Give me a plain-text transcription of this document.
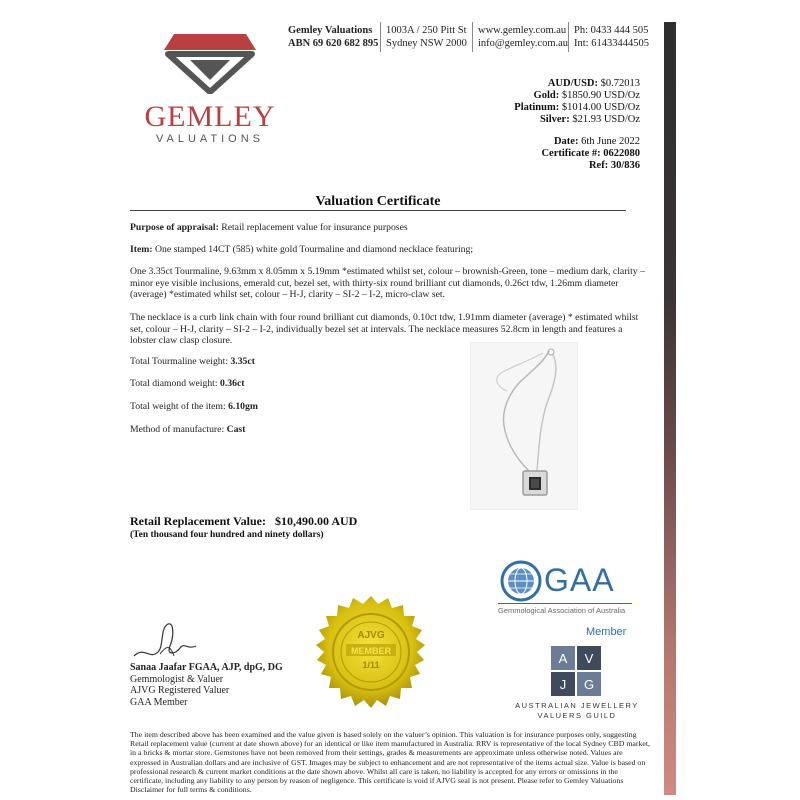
GEMLEY
VALUATIONS
Gemley Valuations
ABN 69 620 682 895
1003A / 250 Pitt St
Sydney NSW 2000
www.gemley.com.au
info@gemley.com.au
Ph: 0433 444 505
Int: 61433444505
AUD/USD: $0.72013
Gold: $1850.90 USD/Oz
Platinum: $1014.00 USD/Oz
Silver: $21.93 USD/Oz
Date: 6th June 2022
Certificate #: 0622080
Ref: 30/836
Valuation Certificate
Purpose of appraisal: Retail replacement value for insurance purposes
Item: One stamped 14CT (585) white gold Tourmaline and diamond necklace featuring;
One 3.35ct Tourmaline, 9.63mm x 8.05mm x 5.19mm *estimated whilst set, colour – brownish-Green, tone – medium dark, clarity – minor eye visible inclusions, emerald cut, bezel set, with thirty-six round brilliant cut diamonds, 0.26ct tdw, 1.26mm diameter (average) *estimated whilst set, colour – H-J, clarity – SI-2 – I-2, micro-claw set.
The necklace is a curb link chain with four round brilliant cut diamonds, 0.10ct tdw, 1.91mm diameter (average) * estimated whilst set, colour – H-J, clarity – SI-2 – I-2, individually bezel set at intervals. The necklace measures 52.8cm in length and features a lobster claw clasp closure.
Total Tourmaline weight: 3.35ct
Total diamond weight: 0.36ct
Total weight of the item: 6.10gm
Method of manufacture: Cast
Retail Replacement Value: $10,490.00 AUD
(Ten thousand four hundred and ninety dollars)
GAA
Gemmological Association of Australia
Member
A	V
J	G
AUSTRALIAN JEWELLERY
VALUERS GUILD
AJVG
MEMBER
1/11
Sanaa Jaafar FGAA, AJP, dpG, DG
Gemmologist & Valuer
AJVG Registered Valuer
GAA Member
The item described above has been examined and the value given is based solely on the valuer’s opinion. This valuation is for insurance purposes only, suggesting Retail replacement value (current at date shown above) for an identical or like item manufactured in Australia. RRV is representative of the local Sydney CBD market, in a bricks & mortar store. Gemstones have not been removed from their settings, grades & measurements are approximate unless otherwise noted. Values are expressed in Australian dollars and are inclusive of GST. Images may be subject to enhancement and are not representative of the items actual size. Value is based on professional research & current market conditions at the date shown above. Whilst all care is taken, no liability is accepted for any errors or omissions in the certificate, including any liability to any person by reason of negligence. This certificate is void if AJVG seal is not present. Please refer to Gemley Valuations Disclaimer for full terms & conditions.
